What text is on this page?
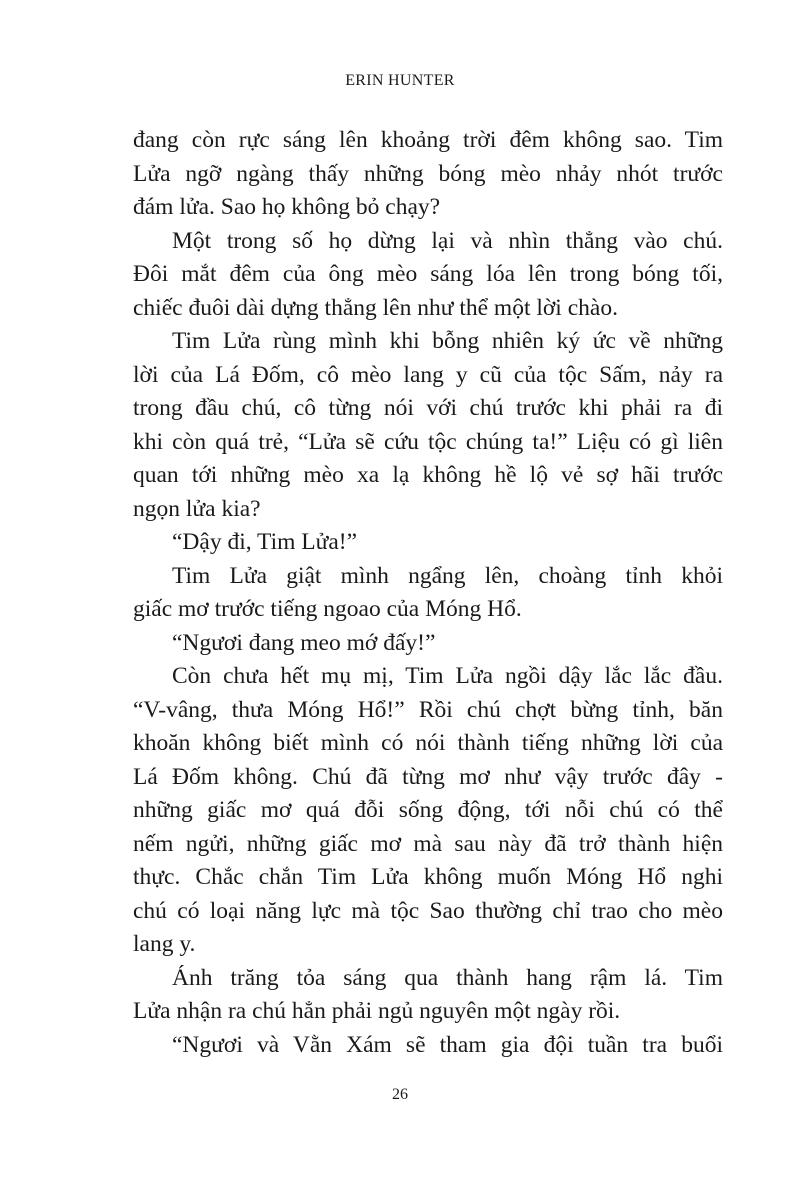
ERIN HUNTER
đang còn rực sáng lên khoảng trời đêm không sao. Tim
Lửa ngỡ ngàng thấy những bóng mèo nhảy nhót trước
đám lửa. Sao họ không bỏ chạy?
Một trong số họ dừng lại và nhìn thẳng vào chú.
Đôi mắt đêm của ông mèo sáng lóa lên trong bóng tối,
chiếc đuôi dài dựng thẳng lên như thể một lời chào.
Tim Lửa rùng mình khi bỗng nhiên ký ức về những
lời của Lá Đốm, cô mèo lang y cũ của tộc Sấm, nảy ra
trong đầu chú, cô từng nói với chú trước khi phải ra đi
khi còn quá trẻ, “Lửa sẽ cứu tộc chúng ta!” Liệu có gì liên
quan tới những mèo xa lạ không hề lộ vẻ sợ hãi trước
ngọn lửa kia?
“Dậy đi, Tim Lửa!”
Tim Lửa giật mình ngẩng lên, choàng tỉnh khỏi
giấc mơ trước tiếng ngoao của Móng Hổ.
“Ngươi đang meo mớ đấy!”
Còn chưa hết mụ mị, Tim Lửa ngồi dậy lắc lắc đầu.
“V-vâng, thưa Móng Hổ!” Rồi chú chợt bừng tỉnh, băn
khoăn không biết mình có nói thành tiếng những lời của
Lá Đốm không. Chú đã từng mơ như vậy trước đây -
những giấc mơ quá đỗi sống động, tới nỗi chú có thể
nếm ngửi, những giấc mơ mà sau này đã trở thành hiện
thực. Chắc chắn Tim Lửa không muốn Móng Hổ nghi
chú có loại năng lực mà tộc Sao thường chỉ trao cho mèo
lang y.
Ánh trăng tỏa sáng qua thành hang rậm lá. Tim
Lửa nhận ra chú hẳn phải ngủ nguyên một ngày rồi.
“Ngươi và Vằn Xám sẽ tham gia đội tuần tra buổi
26
